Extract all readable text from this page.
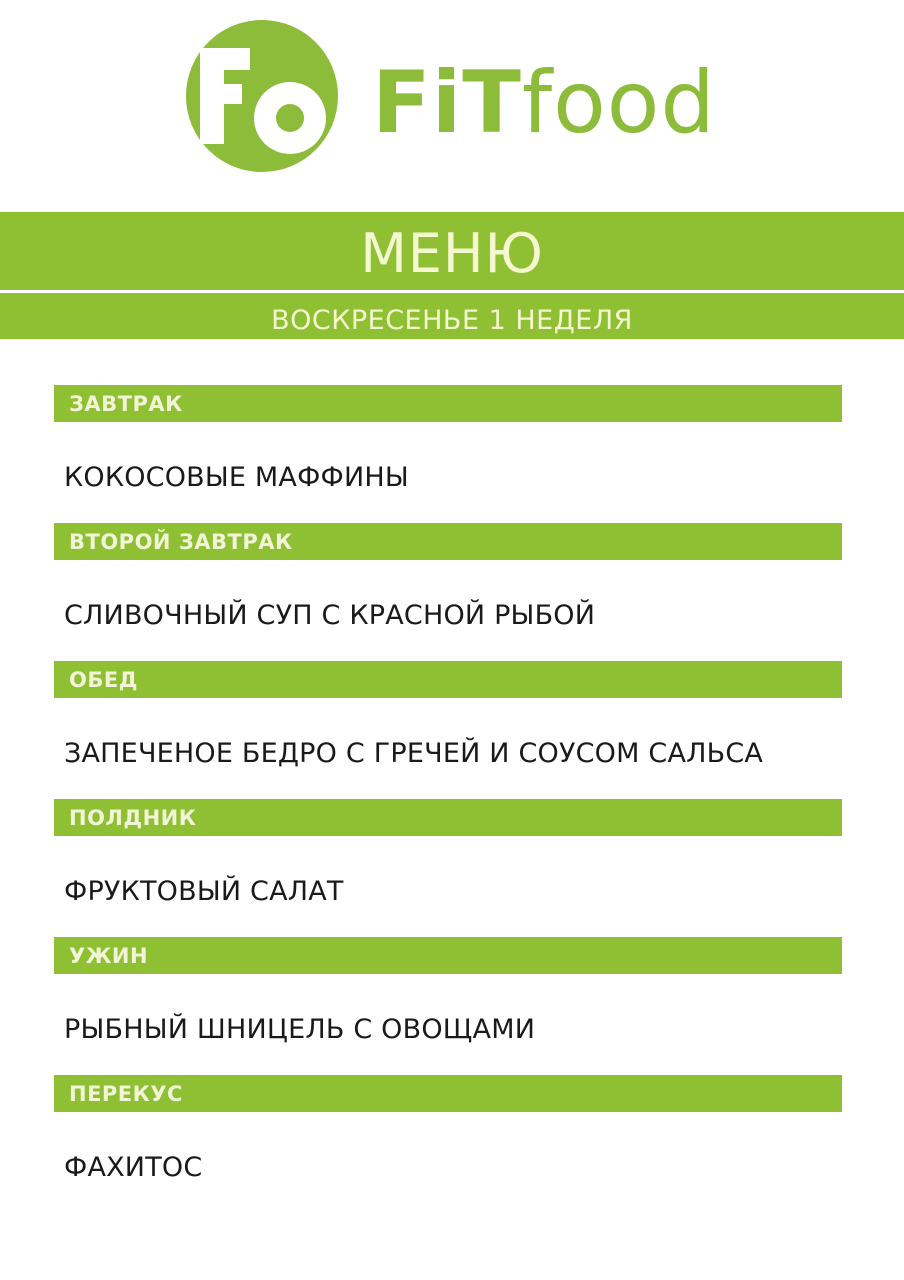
FiTfood
МЕНЮ
ВОСКРЕСЕНЬЕ 1 НЕДЕЛЯ
ЗАВТРАК
КОКОСОВЫЕ МАФФИНЫ
ВТОРОЙ ЗАВТРАК
СЛИВОЧНЫЙ СУП С КРАСНОЙ РЫБОЙ
ОБЕД
ЗАПЕЧЕНОЕ БЕДРО С ГРЕЧЕЙ И СОУСОМ САЛЬСА
ПОЛДНИК
ФРУКТОВЫЙ САЛАТ
УЖИН
РЫБНЫЙ ШНИЦЕЛЬ С ОВОЩАМИ
ПЕРЕКУС
ФАХИТОС
